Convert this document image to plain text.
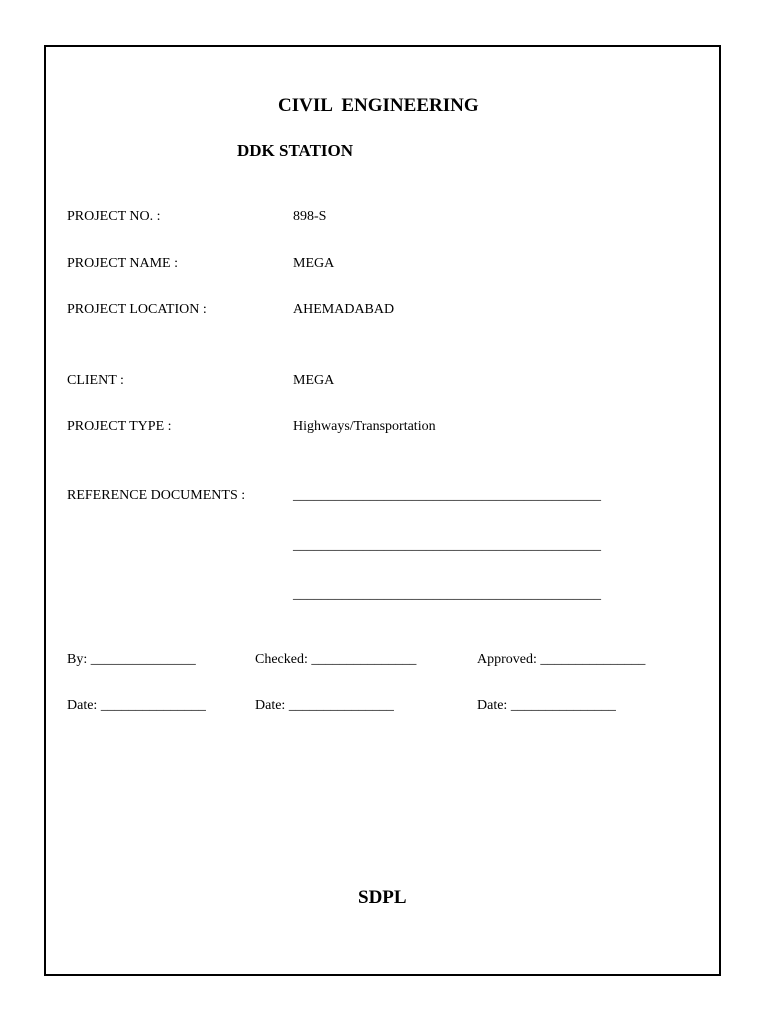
CIVIL  ENGINEERING
DDK STATION
PROJECT NO. :	898-S
PROJECT NAME :	MEGA
PROJECT LOCATION :	AHEMADABAD
CLIENT :	MEGA
PROJECT TYPE :	Highways/Transportation
REFERENCE DOCUMENTS :	____________________________________________
____________________________________________
____________________________________________
By: _______________	Checked: _______________	Approved: _______________
Date: _______________	Date: _______________	Date: _______________
SDPL
